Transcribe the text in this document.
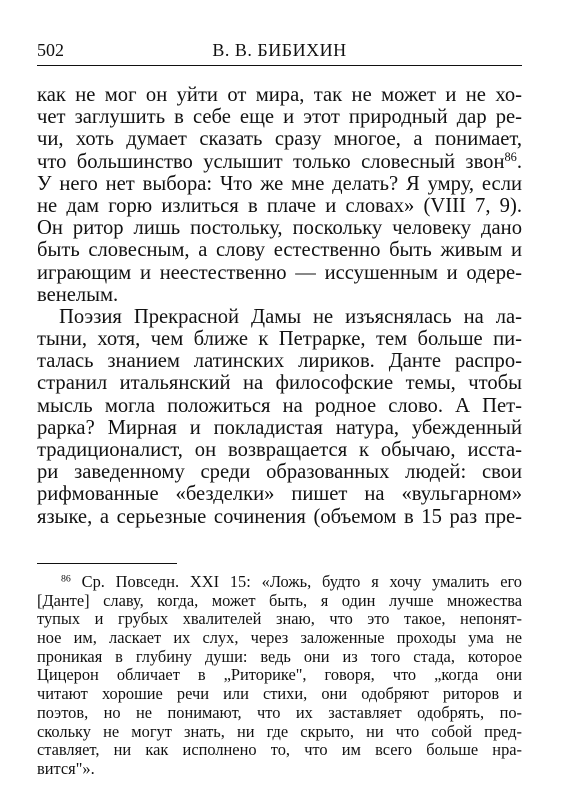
502	В. В. БИБИХИН
как не мог он уйти от мира, так не может и не хо-
чет заглушить в себе еще и этот природный дар ре-
чи, хоть думает сказать сразу многое, а понимает,
что большинство услышит только словесный звон$^{86}$.
У него нет выбора: Что же мне делать? Я умру, если
не дам горю излиться в плаче и словах» (VIII 7, 9).
Он ритор лишь постольку, поскольку человеку дано
быть словесным, а слову естественно быть живым и
играющим и неестественно — иссушенным и одере-
венелым.
Поэзия Прекрасной Дамы не изъяснялась на ла-
тыни, хотя, чем ближе к Петрарке, тем больше пи-
талась знанием латинских лириков. Данте распро-
странил итальянский на философские темы, чтобы
мысль могла положиться на родное слово. А Пет-
рарка? Мирная и покладистая натура, убежденный
традиционалист, он возвращается к обычаю, исста-
ри заведенному среди образованных людей: свои
рифмованные «безделки» пишет на «вульгарном»
языке, а серьезные сочинения (объемом в 15 раз пре-
$^{86}$ Ср. Повседн. XXI 15: «Ложь, будто я хочу умалить его
[Данте] славу, когда, может быть, я один лучше множества
тупых и грубых хвалителей знаю, что это такое, непонят-
ное им, ласкает их слух, через заложенные проходы ума не
проникая в глубину души: ведь они из того стада, которое
Цицерон обличает в „Риторике", говоря, что „когда они
читают хорошие речи или стихи, они одобряют риторов и
поэтов, но не понимают, что их заставляет одобрять, по-
скольку не могут знать, ни где скрыто, ни что собой пред-
ставляет, ни как исполнено то, что им всего больше нра-
вится"».
